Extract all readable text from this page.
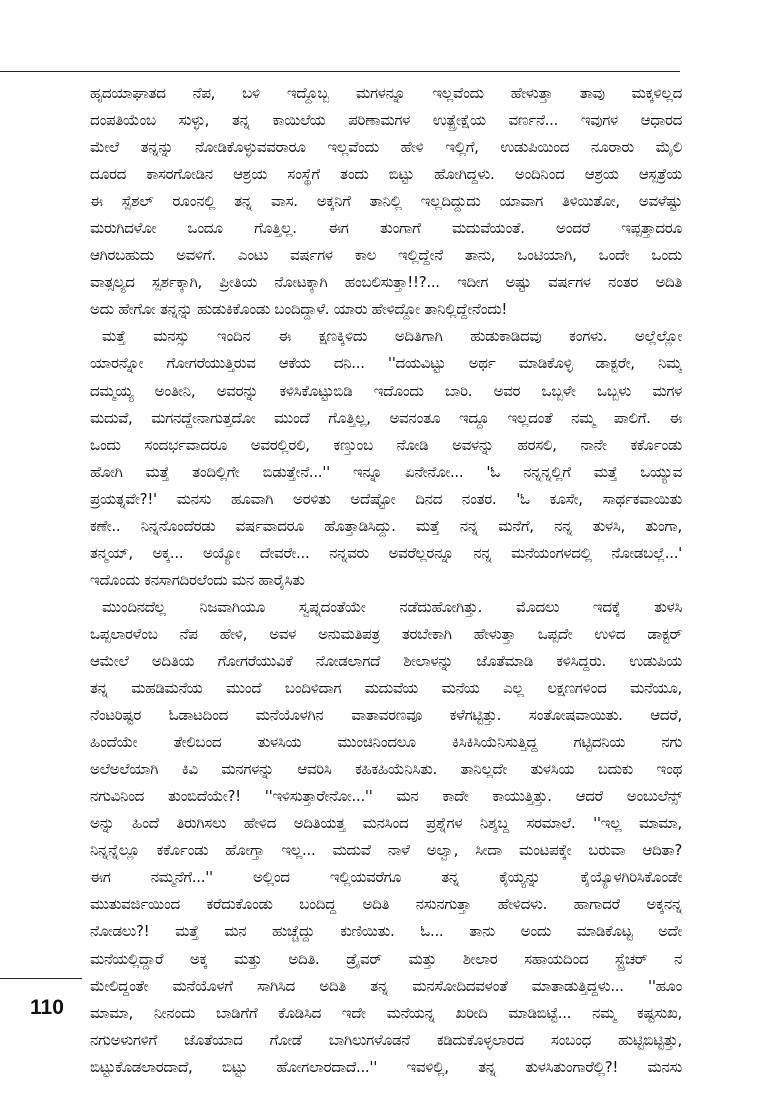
ಹೃದಯಾಘಾತದ ನೆಪ, ಬಳಿ ಇದ್ದೊಬ್ಬ ಮಗಳನ್ನೂ ಇಲ್ಲವೆಂದು ಹೇಳುತ್ತಾ ತಾವು ಮಕ್ಕಳಿಲ್ಲದ
ದಂಪತಿಯೆಂಬ ಸುಳ್ಳು, ತನ್ನ ಕಾಯಿಲೆಯ ಪರಿಣಾಮಗಳ ಉತ್ಪ್ರೇಕ್ಷೆಯ ವರ್ಣನೆ... ಇವುಗಳ ಆಧಾರದ
ಮೇಲೆ ತನ್ನನ್ನು ನೋಡಿಕೊಳ್ಳುವವರಾರೂ ಇಲ್ಲವೆಂದು ಹೇಳಿ ಇಲ್ಲಿಗೆ, ಉಡುಪಿಯಿಂದ ನೂರಾರು ಮೈಲಿ
ದೂರದ ಕಾಸರಗೋಡಿನ ಆಶ್ರಯ ಸಂಸ್ಥೆಗೆ ತಂದು ಬಿಟ್ಟು ಹೋಗಿದ್ದಳು. ಅಂದಿನಿಂದ ಆಶ್ರಯ ಆಸ್ಪತ್ರೆಯ
ಈ ಸ್ಪೆಶಲ್ ರೂಂನಲ್ಲಿ ತನ್ನ ವಾಸ. ಅಕ್ಕನಿಗೆ ತಾನಿಲ್ಲಿ ಇಲ್ಲದಿದ್ದುದು ಯಾವಾಗ ತಿಳಿಯಿತೋ, ಅವಳೆಷ್ಟು
ಮರುಗಿದಳೋ ಒಂದೂ ಗೊತ್ತಿಲ್ಲ. ಈಗ ತುಂಗಾಗೆ ಮದುವೆಯಂತೆ. ಅಂದರೆ ಇಪ್ಪತ್ತಾದರೂ
ಆಗಿರಬಹುದು ಅವಳಿಗೆ. ಎಂಟು ವರ್ಷಗಳ ಕಾಲ ಇಲ್ಲಿದ್ದೇನೆ ತಾನು, ಒಂಟಿಯಾಗಿ, ಒಂದೇ ಒಂದು
ವಾತ್ಸಲ್ಯದ ಸ್ಪರ್ಶಕ್ಕಾಗಿ, ಪ್ರೀತಿಯ ನೋಟಕ್ಕಾಗಿ ಹಂಬಲಿಸುತ್ತಾ!!?... ಇದೀಗ ಅಷ್ಟು ವರ್ಷಗಳ ನಂತರ ಅದಿತಿ
ಅದು ಹೇಗೋ ತನ್ನನ್ನು ಹುಡುಕಿಕೊಂಡು ಬಂದಿದ್ದಾಳೆ. ಯಾರು ಹೇಳಿದ್ದೋ ತಾನಿಲ್ಲಿದ್ದೇನೆಂದು!
ಮತ್ತೆ ಮನಸ್ಸು ಇಂದಿನ ಈ ಕ್ಷಣಕ್ಕಿಳಿದು ಅದಿತಿಗಾಗಿ ಹುಡುಕಾಡಿದವು ಕಂಗಳು. ಅಲ್ಲೆಲ್ಲೋ
ಯಾರನ್ನೋ ಗೋಗರೆಯುತ್ತಿರುವ ಆಕೆಯ ದನಿ... ''ದಯವಿಟ್ಟು ಅರ್ಥ ಮಾಡಿಕೊಳ್ಳಿ ಡಾಕ್ಟರೇ, ನಿಮ್ಮ
ದಮ್ಮಯ್ಯ ಅಂತೀನಿ, ಅವರನ್ನು ಕಳಿಸಿಕೊಟ್ಟುಬಿಡಿ ಇದೊಂದು ಬಾರಿ. ಅವರ ಒಬ್ಬಳೇ ಒಬ್ಬಳು ಮಗಳ
ಮದುವೆ, ಮಗನದ್ದೇನಾಗುತ್ತದೋ ಮುಂದೆ ಗೊತ್ತಿಲ್ಲ, ಅವನಂತೂ ಇದ್ದೂ ಇಲ್ಲದಂತೆ ನಮ್ಮ ಪಾಲಿಗೆ. ಈ
ಒಂದು ಸಂದರ್ಭವಾದರೂ ಅವರಲ್ಲಿರಲಿ, ಕಣ್ತುಂಬ ನೋಡಿ ಅವಳನ್ನು ಹರಸಲಿ, ನಾನೇ ಕರ್ಕೊಂಡು
ಹೋಗಿ ಮತ್ತೆ ತಂದಿಲ್ಲಿಗೇ ಬಿಡುತ್ತೇನೆ...'' ಇನ್ನೂ ಏನೇನೋ... 'ಓ ನನ್ನನ್ನಲ್ಲಿಗೆ ಮತ್ತೆ ಒಯ್ಯುವ
ಪ್ರಯತ್ನವೇ?!' ಮನಸು ಹೂವಾಗಿ ಅರಳಿತು ಅದೆಷ್ಟೋ ದಿನದ ನಂತರ. 'ಓ ಕೂಸೇ, ಸಾರ್ಥಕವಾಯಿತು
ಕಣೇ.. ನಿನ್ನನೊಂದೆರಡು ವರ್ಷವಾದರೂ ಹೊತ್ತಾಡಿಸಿದ್ದು. ಮತ್ತೆ ನನ್ನ ಮನೆಗೆ, ನನ್ನ ತುಳಸಿ, ತುಂಗಾ,
ತನ್ಮಯ್, ಅಕ್ಕ... ಅಯ್ಯೋ ದೇವರೇ... ನನ್ನವರು ಅವರೆಲ್ಲರನ್ನೂ ನನ್ನ ಮನೆಯಂಗಳದಲ್ಲಿ ನೋಡಬಲ್ಲೆ...'
ಇದೊಂದು ಕನಸಾಗದಿರಲೆಂದು ಮನ ಹಾರೈಸಿತು
ಮುಂದಿನದೆಲ್ಲ ನಿಜವಾಗಿಯೂ ಸ್ವಪ್ನದಂತೆಯೇ ನಡೆದುಹೋಗಿತ್ತು. ಮೊದಲು ಇದಕ್ಕೆ ತುಳಸಿ
ಒಪ್ಪಲಾರಳೆಂಬ ನೆಪ ಹೇಳಿ, ಅವಳ ಅನುಮತಿಪತ್ರ ತರಬೇಕಾಗಿ ಹೇಳುತ್ತಾ ಒಪ್ಪದೇ ಉಳಿದ ಡಾಕ್ಟರ್
ಆಮೇಲೆ ಅದಿತಿಯ ಗೋಗರೆಯುವಿಕೆ ನೋಡಲಾಗದೆ ಶೀಲಾಳನ್ನು ಜೊತೆಮಾಡಿ ಕಳಿಸಿದ್ದರು. ಉಡುಪಿಯ
ತನ್ನ ಮಹಡಿಮನೆಯ ಮುಂದೆ ಬಂದಿಳಿದಾಗ ಮದುವೆಯ ಮನೆಯ ಎಲ್ಲ ಲಕ್ಷಣಗಳಿಂದ ಮನೆಯೂ,
ನೆಂಟರಿಷ್ಟರ ಓಡಾಟದಿಂದ ಮನೆಯೊಳಗಿನ ವಾತಾವರಣವೂ ಕಳೆಗಟ್ಟಿತ್ತು. ಸಂತೋಷವಾಯಿತು. ಆದರೆ,
ಹಿಂದೆಯೇ ತೇಲಿಬಂದ ತುಳಸಿಯ ಮುಂಚಿನಿಂದಲೂ ಕಿಸಿಕಿಸಿಯೆನಿಸುತ್ತಿದ್ದ ಗಟ್ಟಿದನಿಯ ನಗು
ಅಲೆಅಲೆಯಾಗಿ ಕಿವಿ ಮನಗಳನ್ನು ಆವರಿಸಿ ಕಹಿಕಹಿಯೆನಿಸಿತು. ತಾನಿಲ್ಲದೇ ತುಳಸಿಯ ಬದುಕು ಇಂಥ
ನಗುವಿನಿಂದ ತುಂಬಿದೆಯೇ?! ''ಇಳಿಸುತ್ತಾರೇನೋ...'' ಮನ ಕಾದೇ ಕಾಯುತ್ತಿತ್ತು. ಆದರೆ ಅಂಬುಲೆನ್ಸ್
ಅನ್ನು ಹಿಂದೆ ತಿರುಗಿಸಲು ಹೇಳಿದ ಅದಿತಿಯತ್ತ ಮನಸಿಂದ ಪ್ರಶ್ನೆಗಳ ನಿಶ್ಶಬ್ದ ಸರಮಾಲೆ. ''ಇಲ್ಲ ಮಾಮಾ,
ನಿನ್ನನ್ನೆಲ್ಲೂ ಕರ್ಕೊಂಡು ಹೋಗ್ತಾ ಇಲ್ಲ... ಮದುವೆ ನಾಳೆ ಅಲ್ವಾ, ಸೀದಾ ಮಂಟಪಕ್ಕೇ ಬರುವಾ ಆದಿತಾ?
ಈಗ ನಮ್ಮನೆಗೆ...'' ಅಲ್ಲಿಂದ ಇಲ್ಲಿಯವರೆಗೂ ತನ್ನ ಕೈಯ್ಯನ್ನು ಕೈಯ್ಯೊಳಗಿರಿಸಿಕೊಂಡೇ
ಮುತುವರ್ಜಿಯಿಂದ ಕರೆದುಕೊಂಡು ಬಂದಿದ್ದ ಅದಿತಿ ನಸುನಗುತ್ತಾ ಹೇಳಿದಳು. ಹಾಗಾದರೆ ಅಕ್ಕನನ್ನ
ನೋಡಲು?! ಮತ್ತೆ ಮನ ಹುಚ್ಚೆದ್ದು ಕುಣಿಯಿತು. ಓ... ತಾನು ಅಂದು ಮಾಡಿಕೊಟ್ಟ ಅದೇ
ಮನೆಯಲ್ಲಿದ್ದಾರೆ ಅಕ್ಕ ಮತ್ತು ಅದಿತಿ. ಡ್ರೈವರ್ ಮತ್ತು ಶೀಲಾರ ಸಹಾಯದಿಂದ ಸ್ಟ್ರೆಚರ್ ನ
ಮೇಲಿದ್ದಂತೇ ಮನೆಯೊಳಗೆ ಸಾಗಿಸಿದ ಅದಿತಿ ತನ್ನ ಮನಸೋದಿದವಳಂತೆ ಮಾತಾಡುತ್ತಿದ್ದಳು... ''ಹೂಂ
ಮಾಮಾ, ನೀನಂದು ಬಾಡಿಗೆಗೆ ಕೊಡಿಸಿದ ಇದೇ ಮನೆಯನ್ನ ಖರೀದಿ ಮಾಡಿಬಿಟ್ಟೆ... ನಮ್ಮ ಕಷ್ಟಸುಖ,
ನಗುಅಳುಗಳಿಗೆ ಜೊತೆಯಾದ ಗೋಡೆ ಬಾಗಿಲುಗಳೊಡನೆ ಕಡಿದುಕೊಳ್ಳಲಾರದ ಸಂಬಂಧ ಹುಟ್ಟಿಬಿಟ್ಟಿತ್ತು,
ಬಿಟ್ಟುಕೊಡಲಾರದಾದೆ, ಬಿಟ್ಟು ಹೋಗಲಾರದಾದೆ...'' ಇವಳಿಲ್ಲಿ, ತನ್ನ ತುಳಸಿತುಂಗಾರೆಲ್ಲಿ?! ಮನಸು
110
